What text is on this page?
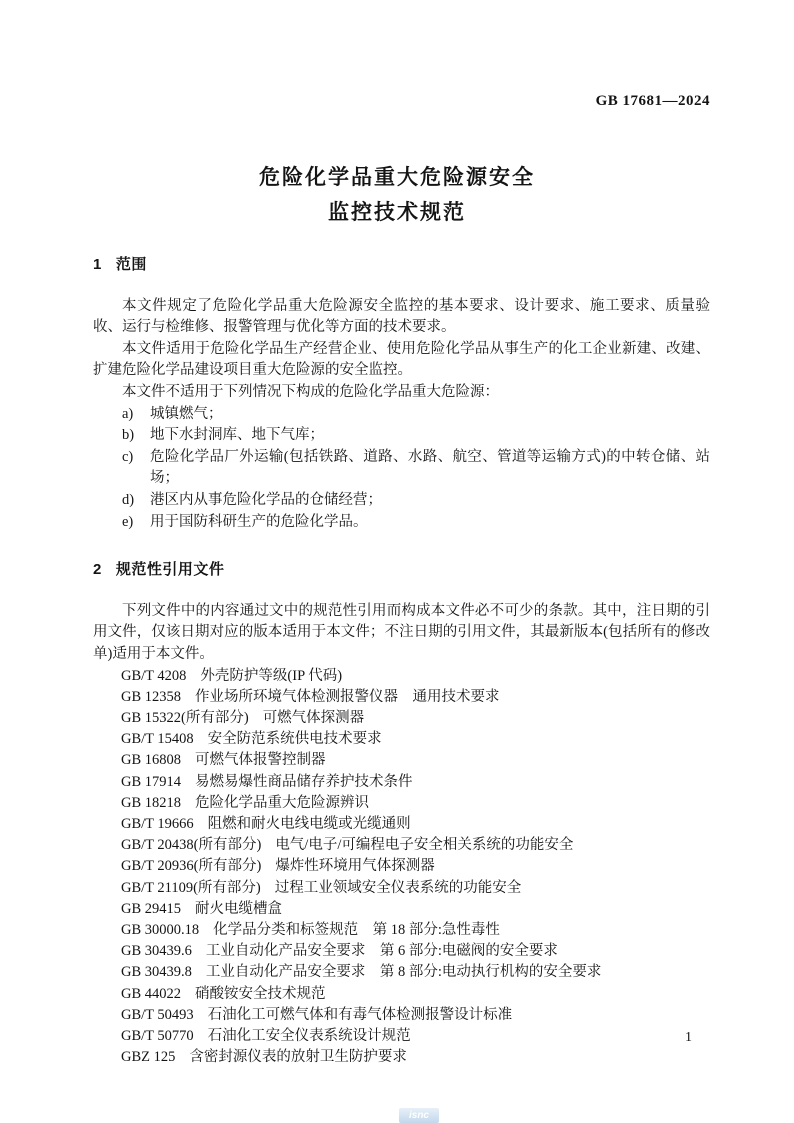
GB 17681—2024
危险化学品重大危险源安全
监控技术规范
1 范围

本文件规定了危险化学品重大危险源安全监控的基本要求、设计要求、施工要求、质量验收、运行与检维修、报警管理与优化等方面的技术要求。

本文件适用于危险化学品生产经营企业、使用危险化学品从事生产的化工企业新建、改建、扩建危险化学品建设项目重大危险源的安全监控。

本文件不适用于下列情况下构成的危险化学品重大危险源：

a) 城镇燃气；
b) 地下水封洞库、地下气库；
c) 危险化学品厂外运输(包括铁路、道路、水路、航空、管道等运输方式)的中转仓储、站场；
d) 港区内从事危险化学品的仓储经营；
e) 用于国防科研生产的危险化学品。
2 规范性引用文件

下列文件中的内容通过文中的规范性引用而构成本文件必不可少的条款。其中，注日期的引用文件，仅该日期对应的版本适用于本文件；不注日期的引用文件，其最新版本(包括所有的修改单)适用于本文件。

GB/T 4208 外壳防护等级(IP 代码)
GB 12358 作业场所环境气体检测报警仪器　通用技术要求
GB 15322(所有部分) 可燃气体探测器
GB/T 15408 安全防范系统供电技术要求
GB 16808 可燃气体报警控制器
GB 17914 易燃易爆性商品储存养护技术条件
GB 18218 危险化学品重大危险源辨识
GB/T 19666 阻燃和耐火电线电缆或光缆通则
GB/T 20438(所有部分) 电气/电子/可编程电子安全相关系统的功能安全
GB/T 20936(所有部分) 爆炸性环境用气体探测器
GB/T 21109(所有部分) 过程工业领域安全仪表系统的功能安全
GB 29415 耐火电缆槽盒
GB 30000.18 化学品分类和标签规范　第 18 部分:急性毒性
GB 30439.6 工业自动化产品安全要求　第 6 部分:电磁阀的安全要求
GB 30439.8 工业自动化产品安全要求　第 8 部分:电动执行机构的安全要求
GB 44022 硝酸铵安全技术规范
GB/T 50493 石油化工可燃气体和有毒气体检测报警设计标准
GB/T 50770 石油化工安全仪表系统设计规范
GBZ 125 含密封源仪表的放射卫生防护要求
1
isnc
